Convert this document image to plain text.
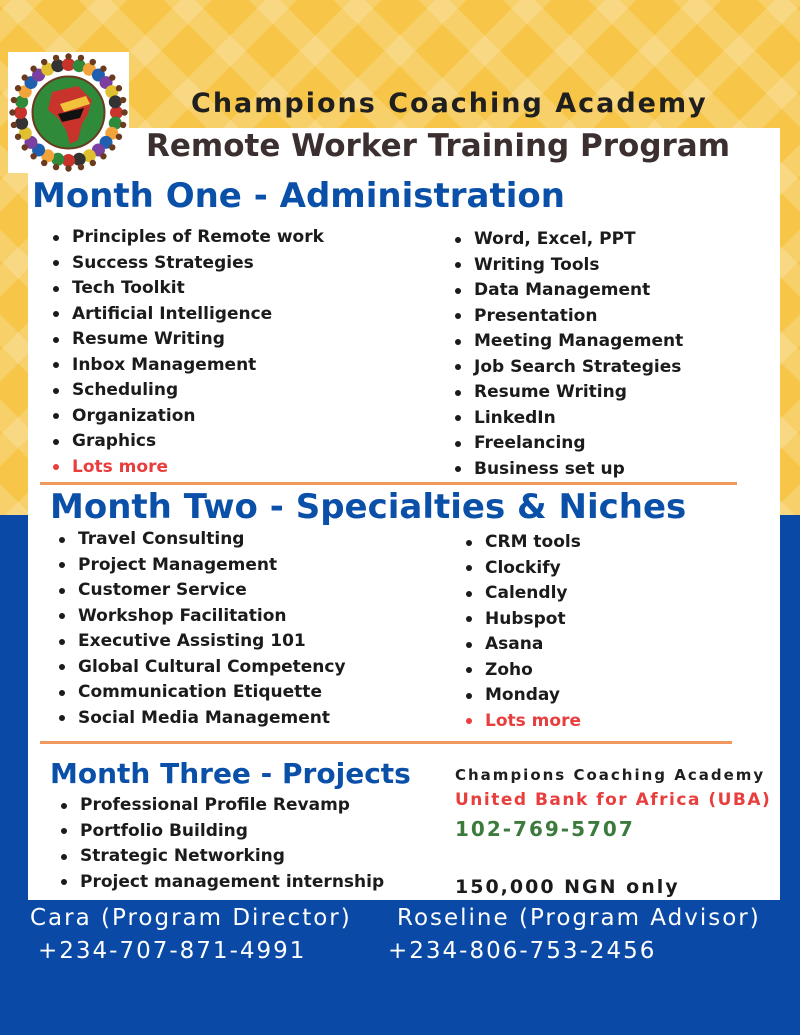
Champions Coaching Academy
Remote Worker Training Program
Month One - Administration
Principles of Remote work
Success Strategies
Tech Toolkit
Artificial Intelligence
Resume Writing
Inbox Management
Scheduling
Organization
Graphics
Lots more
Word, Excel, PPT
Writing Tools
Data Management
Presentation
Meeting Management
Job Search Strategies
Resume Writing
LinkedIn
Freelancing
Business set up
Month Two - Specialties & Niches
Travel Consulting
Project Management
Customer Service
Workshop Facilitation
Executive Assisting 101
Global Cultural Competency
Communication Etiquette
Social Media Management
CRM tools
Clockify
Calendly
Hubspot
Asana
Zoho
Monday
Lots more
Month Three - Projects
Professional Profile Revamp
Portfolio Building
Strategic Networking
Project management internship
Champions Coaching Academy
United Bank for Africa (UBA)
102-769-5707
150,000 NGN only
Cara (Program Director)
+234-707-871-4991
Roseline (Program Advisor)
+234-806-753-2456
